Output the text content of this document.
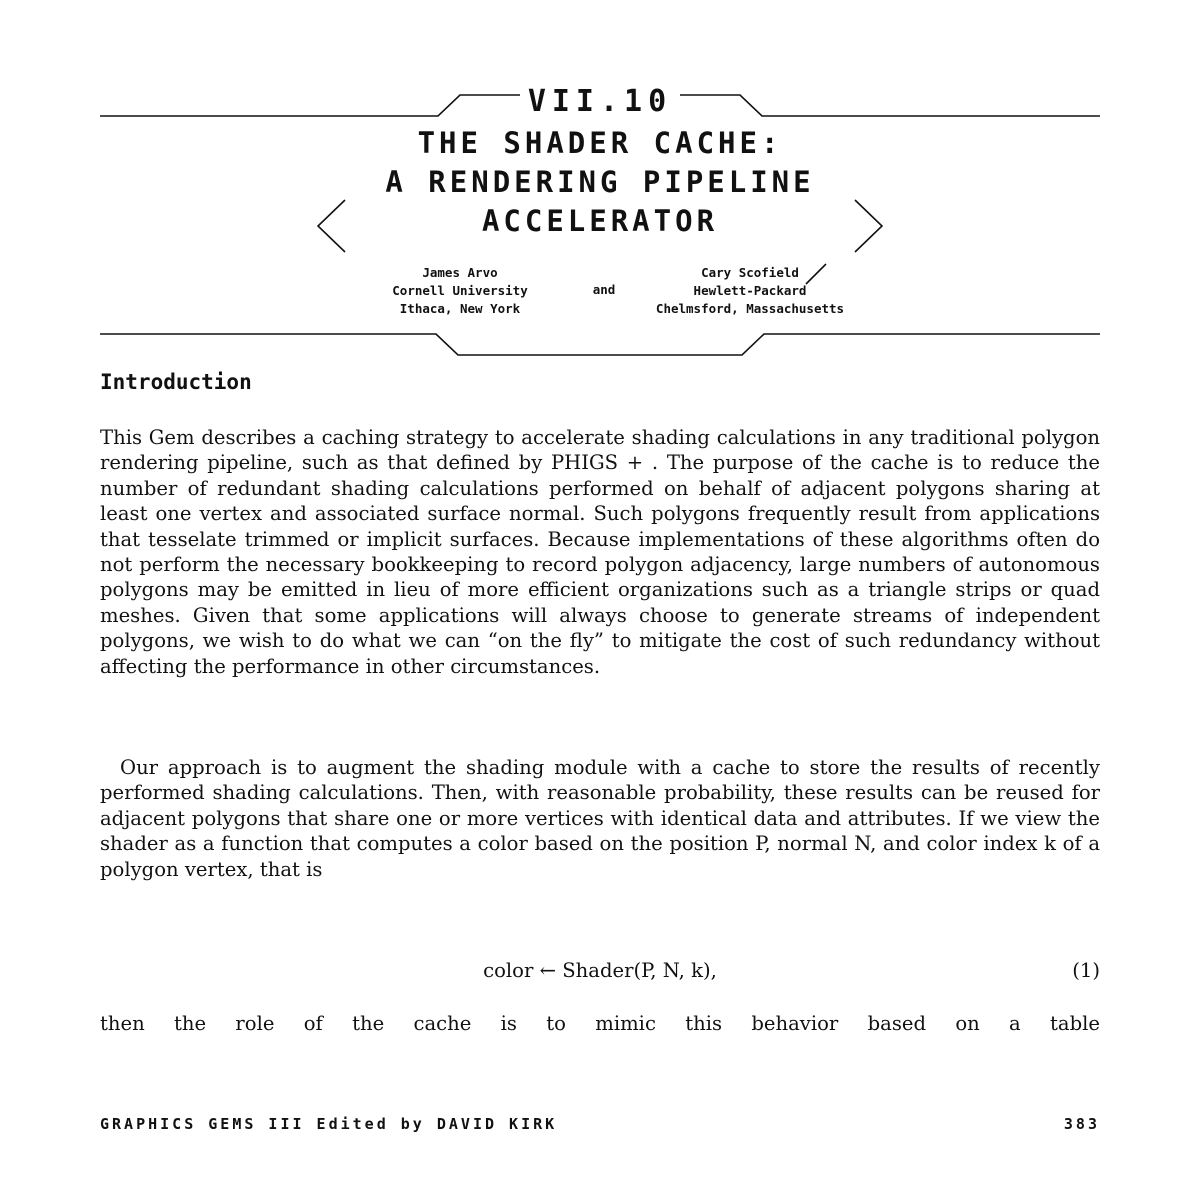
VII.10
THE SHADER CACHE:
A RENDERING PIPELINE
ACCELERATOR
James Arvo
Cornell University
Ithaca, New York
and
Cary Scofield
Hewlett-Packard
Chelmsford, Massachusetts
Introduction

This Gem describes a caching strategy to accelerate shading calculations in any traditional polygon rendering pipeline, such as that defined by PHIGS + . The purpose of the cache is to reduce the number of redundant shading calculations performed on behalf of adjacent polygons sharing at least one vertex and associated surface normal. Such polygons frequently result from applications that tesselate trimmed or implicit surfaces. Because implementations of these algorithms often do not perform the necessary bookkeeping to record polygon adjacency, large numbers of autonomous polygons may be emitted in lieu of more efficient organizations such as a triangle strips or quad meshes. Given that some applications will always choose to generate streams of independent polygons, we wish to do what we can “on the fly” to mitigate the cost of such redundancy without affecting the performance in other circumstances.

Our approach is to augment the shading module with a cache to store the results of recently performed shading calculations. Then, with reasonable probability, these results can be reused for adjacent polygons that share one or more vertices with identical data and attributes. If we view the shader as a function that computes a color based on the position P, normal N, and color index k of a polygon vertex, that is

color ← Shader(P, N, k),	(1)

then the role of the cache is to mimic this behavior based on a table

GRAPHICS GEMS III Edited by DAVID KIRK	383
